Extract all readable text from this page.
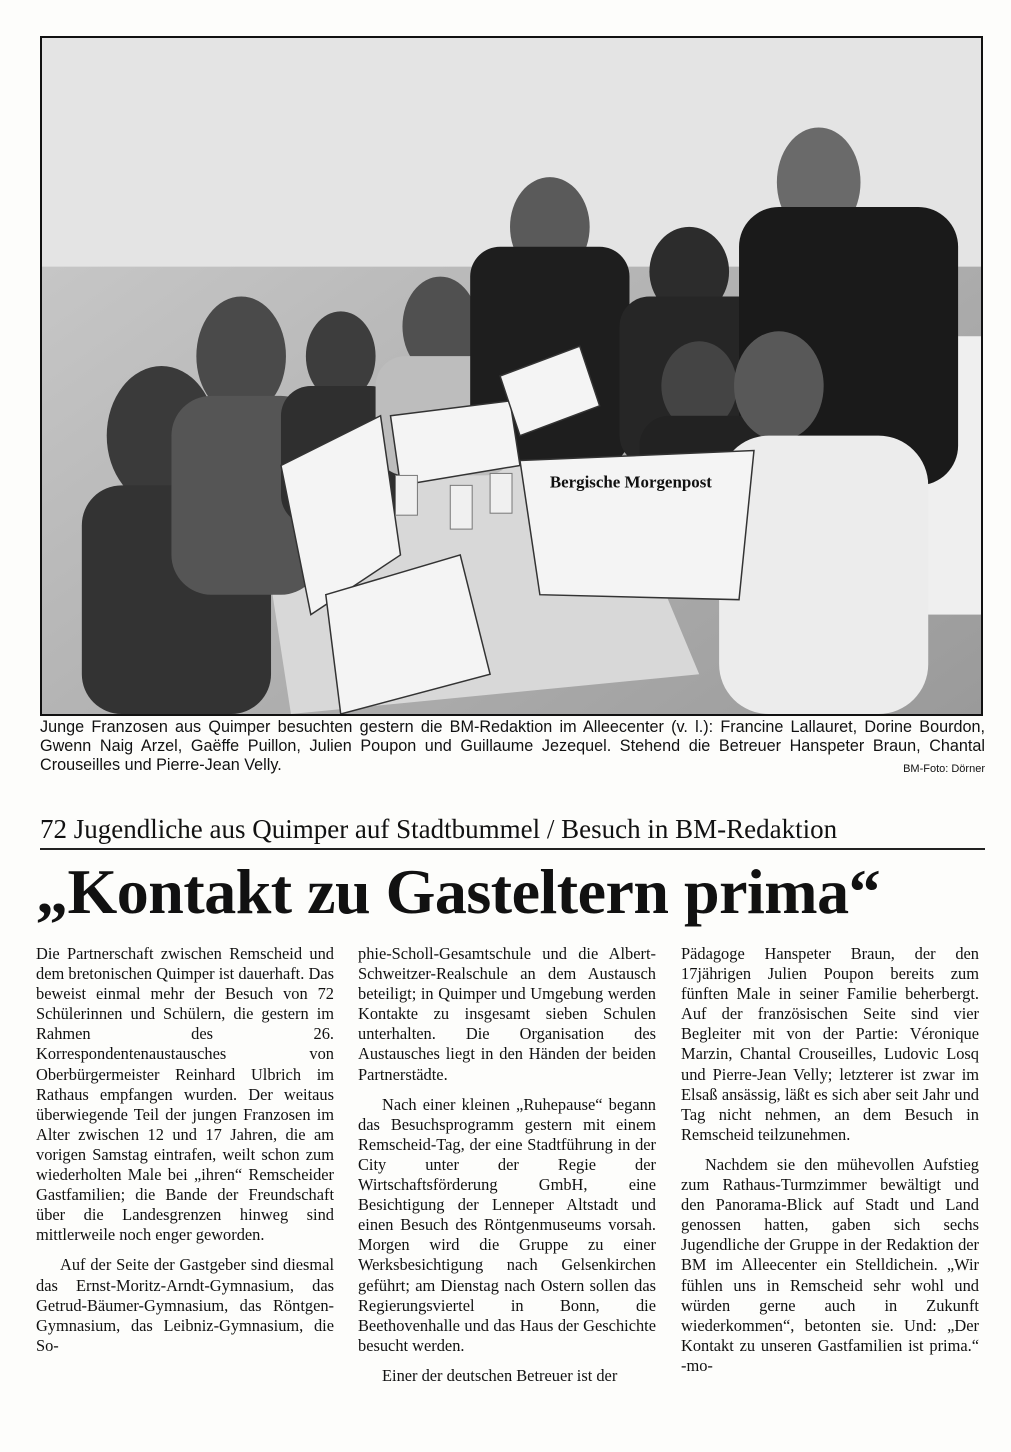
Bergische Morgenpost
Junge Franzosen aus Quimper besuchten gestern die BM-Redaktion im Alleecenter (v. l.): Francine Lallauret, Dorine Bourdon, Gwenn Naig Arzel, Gaëffe Puillon, Julien Poupon und Guillaume Jezequel. Stehend die Betreuer Hanspeter Braun, Chantal Crouseilles und Pierre-Jean Velly.	BM-Foto: Dörner
72 Jugendliche aus Quimper auf Stadtbummel / Besuch in BM-Redaktion
„Kontakt zu Gasteltern prima“

Die Partnerschaft zwischen Remscheid und dem bretonischen Quimper ist dauerhaft. Das beweist einmal mehr der Besuch von 72 Schülerinnen und Schülern, die gestern im Rahmen des 26. Korrespondentenaustausches von Oberbürgermeister Reinhard Ulbrich im Rathaus empfangen wurden. Der weitaus überwiegende Teil der jungen Franzosen im Alter zwischen 12 und 17 Jahren, die am vorigen Samstag eintrafen, weilt schon zum wiederholten Male bei „ihren“ Remscheider Gastfamilien; die Bande der Freundschaft über die Landesgrenzen hinweg sind mittlerweile noch enger geworden.

Auf der Seite der Gastgeber sind diesmal das Ernst-Moritz-Arndt-Gymnasium, das Getrud-Bäumer-Gymnasium, das Röntgen-Gymnasium, das Leibniz-Gymnasium, die So-

phie-Scholl-Gesamtschule und die Albert-Schweitzer-Realschule an dem Austausch beteiligt; in Quimper und Umgebung werden Kontakte zu insgesamt sieben Schulen unterhalten. Die Organisation des Austausches liegt in den Händen der beiden Partnerstädte.

Nach einer kleinen „Ruhepause“ begann das Besuchsprogramm gestern mit einem Remscheid-Tag, der eine Stadtführung in der City unter der Regie der Wirtschaftsförderung GmbH, eine Besichtigung der Lenneper Altstadt und einen Besuch des Röntgenmuseums vorsah. Morgen wird die Gruppe zu einer Werksbesichtigung nach Gelsenkirchen geführt; am Dienstag nach Ostern sollen das Regierungsviertel in Bonn, die Beethovenhalle und das Haus der Geschichte besucht werden.

Einer der deutschen Betreuer ist der

Pädagoge Hanspeter Braun, der den 17jährigen Julien Poupon bereits zum fünften Male in seiner Familie beherbergt. Auf der französischen Seite sind vier Begleiter mit von der Partie: Véronique Marzin, Chantal Crouseilles, Ludovic Losq und Pierre-Jean Velly; letzterer ist zwar im Elsaß ansässig, läßt es sich aber seit Jahr und Tag nicht nehmen, an dem Besuch in Remscheid teilzunehmen.

Nachdem sie den mühevollen Aufstieg zum Rathaus-Turmzimmer bewältigt und den Panorama-Blick auf Stadt und Land genossen hatten, gaben sich sechs Jugendliche der Gruppe in der Redaktion der BM im Alleecenter ein Stelldichein. „Wir fühlen uns in Remscheid sehr wohl und würden gerne auch in Zukunft wiederkommen“, betonten sie. Und: „Der Kontakt zu unseren Gastfamilien ist prima.“ -mo-
